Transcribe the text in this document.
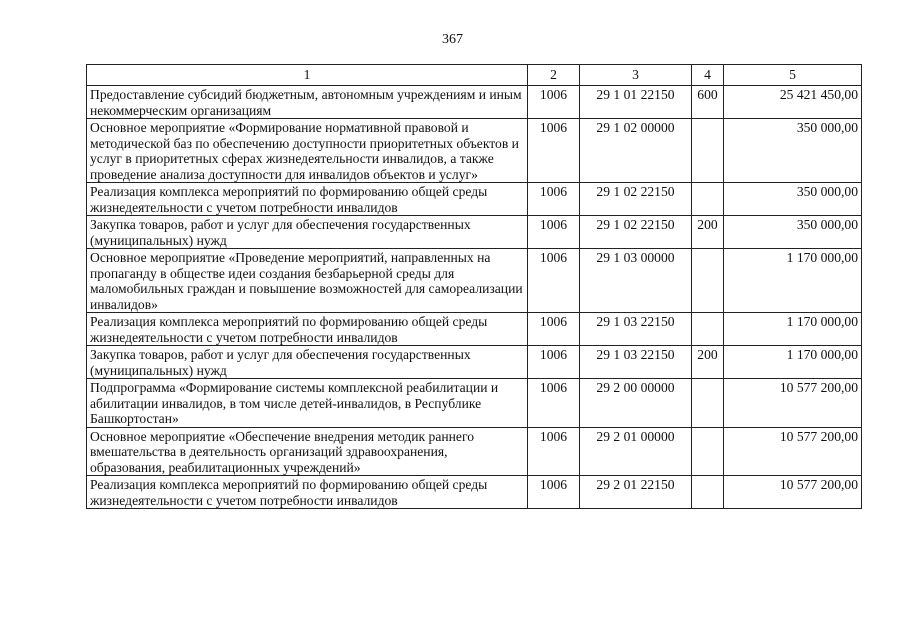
367
1	2	3	4	5
Предоставление субсидий бюджетным, автономным учреждениям и иным некоммерческим организациям	1006	29 1 01 22150	600	25 421 450,00
Основное мероприятие «Формирование нормативной правовой и методической баз по обеспечению доступности приоритетных объектов и услуг в приоритетных сферах жизнедеятельности инвалидов, а также проведение анализа доступности для инвалидов объектов и услуг»	1006	29 1 02 00000		350 000,00
Реализация комплекса мероприятий по формированию общей среды жизнедеятельности с учетом потребности инвалидов	1006	29 1 02 22150		350 000,00
Закупка товаров, работ и услуг для обеспечения государственных (муниципальных) нужд	1006	29 1 02 22150	200	350 000,00
Основное мероприятие «Проведение мероприятий, направленных на пропаганду в обществе идеи создания безбарьерной среды для маломобильных граждан и повышение возможностей для самореализации инвалидов»	1006	29 1 03 00000		1 170 000,00
Реализация комплекса мероприятий по формированию общей среды жизнедеятельности с учетом потребности инвалидов	1006	29 1 03 22150		1 170 000,00
Закупка товаров, работ и услуг для обеспечения государственных (муниципальных) нужд	1006	29 1 03 22150	200	1 170 000,00
Подпрограмма «Формирование системы комплексной реабилитации и абилитации инвалидов, в том числе детей-инвалидов, в Республике Башкортостан»	1006	29 2 00 00000		10 577 200,00
Основное мероприятие «Обеспечение внедрения методик раннего вмешательства в деятельность организаций здравоохранения, образования, реабилитационных учреждений»	1006	29 2 01 00000		10 577 200,00
Реализация комплекса мероприятий по формированию общей среды жизнедеятельности с учетом потребности инвалидов	1006	29 2 01 22150		10 577 200,00
